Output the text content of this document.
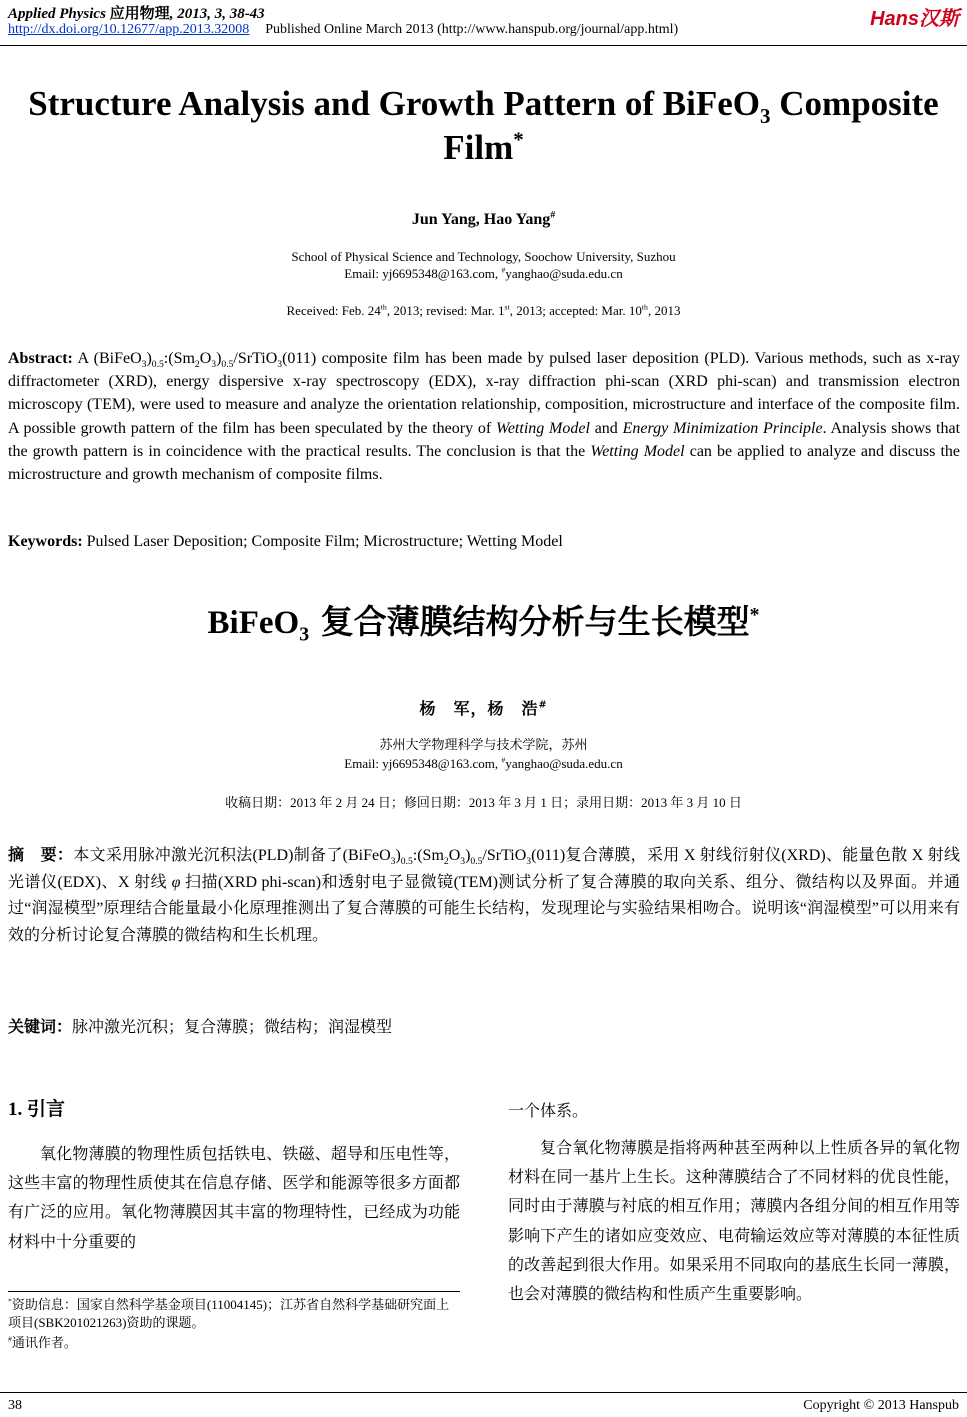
Applied Physics 应用物理, 2013, 3, 38-43	Hans汉斯
http://dx.doi.org/10.12677/app.2013.32008 Published Online March 2013 (http://www.hanspub.org/journal/app.html)
Structure Analysis and Growth Pattern of BiFeO$_3$ Composite
Film*
Jun Yang, Hao Yang#
School of Physical Science and Technology, Soochow University, Suzhou
Email: yj6695348@163.com, #yanghao@suda.edu.cn
Received: Feb. 24th, 2013; revised: Mar. 1st, 2013; accepted: Mar. 10th, 2013
Abstract: A $(BiFeO_3)_{0.5}:(Sm_2O_3)_{0.5}/SrTiO_3(011)$ composite film has been made by pulsed laser deposition (PLD). Various methods, such as x-ray diffractometer (XRD), energy dispersive x-ray spectroscopy (EDX), x-ray diffraction phi-scan (XRD phi-scan) and transmission electron microscopy (TEM), were used to measure and analyze the orientation relationship, composition, microstructure and interface of the composite film. A possible growth pattern of the film has been speculated by the theory of Wetting Model and Energy Minimization Principle. Analysis shows that the growth pattern is in coincidence with the practical results. The conclusion is that the Wetting Model can be applied to analyze and discuss the microstructure and growth mechanism of composite films.
Keywords: Pulsed Laser Deposition; Composite Film; Microstructure; Wetting Model
BiFeO$_3$ 复合薄膜结构分析与生长模型*
杨　军，杨　浩#
苏州大学物理科学与技术学院，苏州
Email: yj6695348@163.com, #yanghao@suda.edu.cn
收稿日期：2013 年 2 月 24 日；修回日期：2013 年 3 月 1 日；录用日期：2013 年 3 月 10 日
摘　要：本文采用脉冲激光沉积法(PLD)制备了$(BiFeO_3)_{0.5}:(Sm_2O_3)_{0.5}/SrTiO_3(011)$复合薄膜，采用 X 射线衍射仪(XRD)、能量色散 X 射线光谱仪(EDX)、X 射线 φ 扫描(XRD phi-scan)和透射电子显微镜(TEM)测试分析了复合薄膜的取向关系、组分、微结构以及界面。并通过“润湿模型”原理结合能量最小化原理推测出了复合薄膜的可能生长结构，发现理论与实验结果相吻合。说明该“润湿模型”可以用来有效的分析讨论复合薄膜的微结构和生长机理。
关键词：脉冲激光沉积；复合薄膜；微结构；润湿模型
1. 引言
氧化物薄膜的物理性质包括铁电、铁磁、超导和压电性等，这些丰富的物理性质使其在信息存储、医学和能源等很多方面都有广泛的应用。氧化物薄膜因其丰富的物理特性，已经成为功能材料中十分重要的
一个体系。
复合氧化物薄膜是指将两种甚至两种以上性质各异的氧化物材料在同一基片上生长。这种薄膜结合了不同材料的优良性能，同时由于薄膜与衬底的相互作用；薄膜内各组分间的相互作用等影响下产生的诸如应变效应、电荷输运效应等对薄膜的本征性质的改善起到很大作用。如果采用不同取向的基底生长同一薄膜，也会对薄膜的微结构和性质产生重要影响。
*资助信息：国家自然科学基金项目(11004145)；江苏省自然科学基础研究面上项目(SBK201021263)资助的课题。
#通讯作者。
38	Copyright © 2013 Hanspub
